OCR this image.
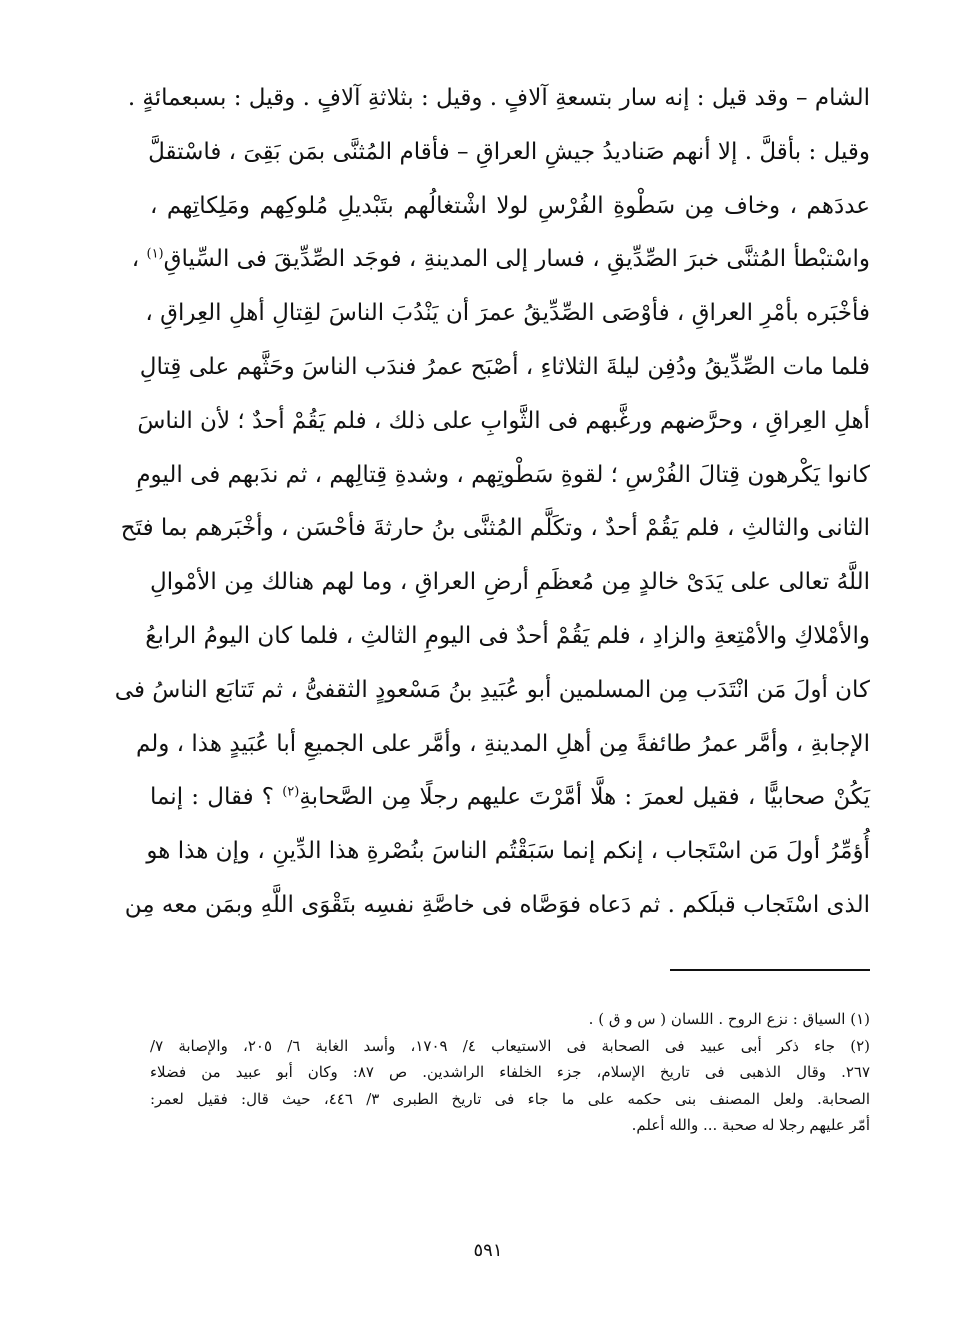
الشام – وقد قيل : إنه سار بتسعةِ آلافٍ . وقيل : بثلاثةِ آلافٍ . وقيل : بسبعمائةٍ .
وقيل : بأقلَّ . إلا أنهم صَناديدُ جيشِ العراقِ – فأقام المُثنَّى بمَن بَقِىَ ، فاسْتقلَّ
عددَهم ، وخاف مِن سَطْوةِ الفُرْسِ لولا اشْتغالُهم بتَبْديلِ مُلوكِهم ومَلِكاتِهم ،
واسْتبْطأ المُثنَّى خبرَ الصِّدِّيقِ ، فسار إلى المدينةِ ، فوجَد الصِّدِّيقَ فى السِّياقِ$^{(١)}$ ،
فأخْبَره بأمْرِ العراقِ ، فأوْصَى الصِّدِّيقُ عمرَ أن يَنْدُبَ الناسَ لقِتالِ أهلِ العِراقِ ،
فلما مات الصِّدِّيقُ ودُفِن ليلةَ الثلاثاءِ ، أصْبَح عمرُ فندَب الناسَ وحَثَّهم على قِتالِ
أهلِ العِراقِ ، وحرَّضهم ورغَّبهم فى الثَّوابِ على ذلك ، فلم يَقُمْ أحدٌ ؛ لأن الناسَ
كانوا يَكْرهون قِتالَ الفُرْسِ ؛ لقوةِ سَطْوتِهم ، وشدةِ قِتالِهم ، ثم ندَبهم فى اليومِ
الثانى والثالثِ ، فلم يَقُمْ أحدٌ ، وتكَلَّم المُثنَّى بنُ حارثةَ فأحْسَن ، وأخْبَرهم بما فتَح
اللَّهُ تعالى على يَدَىْ خالدٍ مِن مُعظَمِ أرضِ العراقِ ، وما لهم هنالك مِن الأمْوالِ
والأمْلاكِ والأمْتِعةِ والزادِ ، فلم يَقُمْ أحدٌ فى اليومِ الثالثِ ، فلما كان اليومُ الرابعُ
كان أولَ مَن انْتَدَب مِن المسلمين أبو عُبَيدِ بنُ مَسْعودٍ الثقفىُّ ، ثم تَتابَع الناسُ فى
الإجابةِ ، وأمَّر عمرُ طائفةً مِن أهلِ المدينةِ ، وأمَّر على الجميعِ أبا عُبَيدٍ هذا ، ولم
يَكُنْ صحابيًّا ، فقيل لعمرَ : هلَّا أمَّرْتَ عليهم رجلًا مِن الصَّحابةِ$^{(٢)}$ ؟ فقال : إنما
أُؤمِّرُ أولَ مَن اسْتَجاب ، إنكم إنما سَبَقْتُم الناسَ بنُصْرةِ هذا الدِّينِ ، وإن هذا هو
الذى اسْتَجاب قبلَكم . ثم دَعاه فوَصَّاه فى خاصَّةِ نفسِه بتَقْوَى اللَّهِ وبمَن معه مِن
(١) السياق : نزع الروح . اللسان ( س و ق ) .
(٢) جاء ذكر أبى عبيد فى الصحابة فى الاستيعاب ٤/ ١٧٠٩، وأسد الغابة ٦/ ٢٠٥، والإصابة ٧/
٢٦٧. وقال الذهبى فى تاريخ الإسلام، جزء الخلفاء الراشدين. ص ٨٧: وكان أبو عبيد من فضلاء
الصحابة. ولعل المصنف بنى حكمه على ما جاء فى تاريخ الطبرى ٣/ ٤٤٦، حيث قال: فقيل لعمر:
أمّر عليهم رجلا له صحبة ... والله أعلم.
٥٩١
